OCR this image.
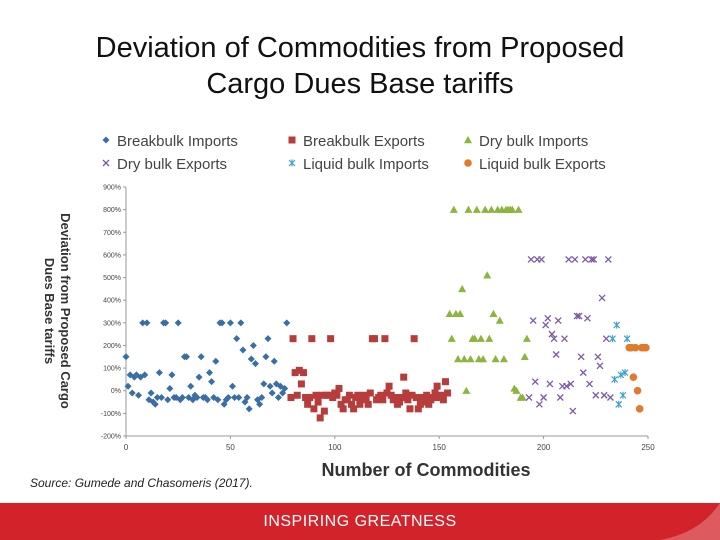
Deviation of Commodities from Proposed
Cargo Dues Base tariffs
Breakbulk Imports	Breakbulk Exports	Dry bulk Imports
Dry bulk Exports	Liquid bulk Imports	Liquid bulk Exports
-200%
-100%
0%
100%
200%
300%
400%
500%
600%
700%
800%
900%
0	50	100	150	200	250
Number of Commodities
Deviation from Proposed Cargo
Dues Base tariffs
Source: Gumede and Chasomeris (2017).
INSPIRING GREATNESS
